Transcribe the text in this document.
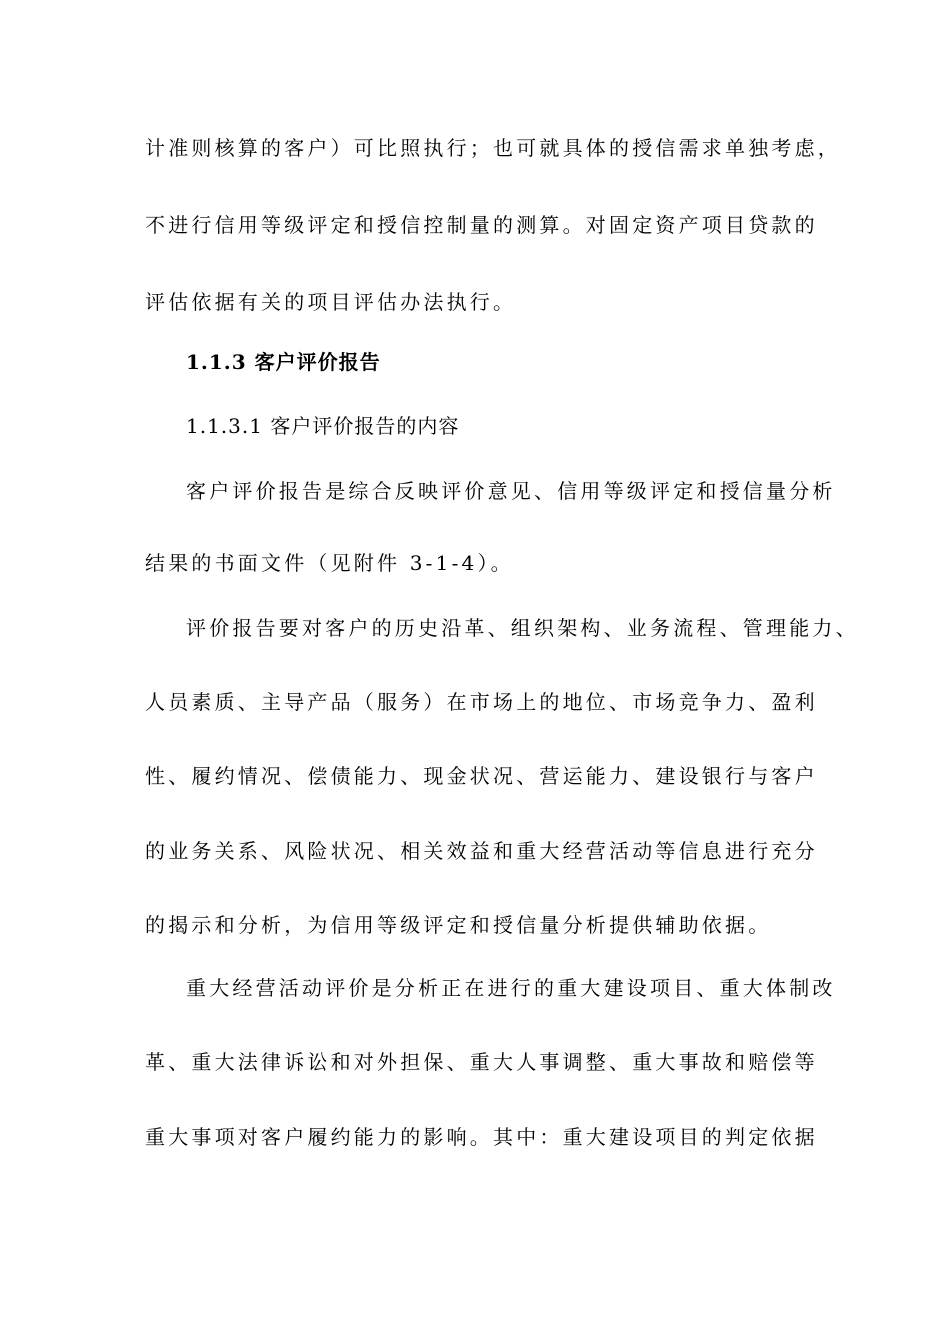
计准则核算的客户）可比照执行；也可就具体的授信需求单独考虑，

不进行信用等级评定和授信控制量的测算。对固定资产项目贷款的

评估依据有关的项目评估办法执行。

1.1.3 客户评价报告

1.1.3.1 客户评价报告的内容

客户评价报告是综合反映评价意见、信用等级评定和授信量分析

结果的书面文件（见附件 3-1-4）。

评价报告要对客户的历史沿革、组织架构、业务流程、管理能力、

人员素质、主导产品（服务）在市场上的地位、市场竞争力、盈利

性、履约情况、偿债能力、现金状况、营运能力、建设银行与客户

的业务关系、风险状况、相关效益和重大经营活动等信息进行充分

的揭示和分析，为信用等级评定和授信量分析提供辅助依据。

重大经营活动评价是分析正在进行的重大建设项目、重大体制改

革、重大法律诉讼和对外担保、重大人事调整、重大事故和赔偿等

重大事项对客户履约能力的影响。其中：重大建设项目的判定依据
